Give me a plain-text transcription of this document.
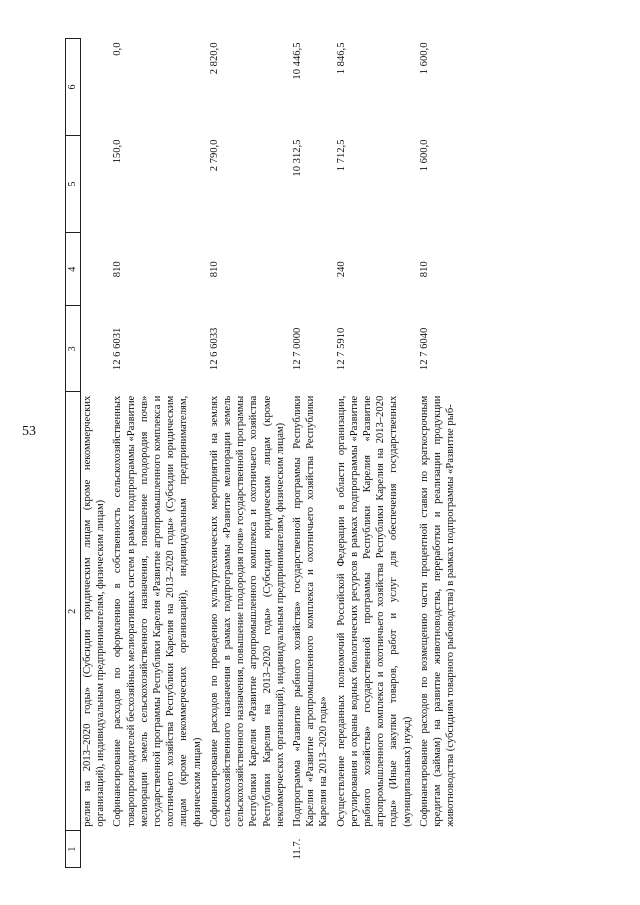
53
1	2	3	4	5	6
	релия на 2013–2020 годы» (Субсидии юридическим лицам (кроме некоммерческих организаций), индивидуальным предпринимателям, физическим лицам)				
	Софинансирование расходов по оформлению в собственность сельскохозяйственных товаропроизводителей бесхозяйных мелиоративных систем в рамках подпрограммы «Развитие мелиорации земель сельскохозяйственного назначения, повышение плодородия почв» государственной программы Республики Карелия «Развитие агропромышленного комплекса и охотничьего хозяйства Республики Карелия на 2013–2020 годы» (Субсидии юридическим лицам (кроме некоммерческих организаций), индивидуальным предпринимателям, физическим лицам)	12 6 6031	810	150,0	0,0
	Софинансирование расходов по проведению культуртехнических мероприятий на землях сельскохозяйственного назначения в рамках подпрограммы «Развитие мелиорации земель сельскохозяйственного назначения, повышение плодородия почв» государственной программы Республики Карелия «Развитие агропромышленного комплекса и охотничьего хозяйства Республики Карелия на 2013–2020 годы» (Субсидии юридическим лицам (кроме некоммерческих организаций), индивидуальным предпринимателям, физическим лицам)	12 6 6033	810	2 790,0	2 820,0
11.7.	Подпрограмма «Развитие рыбного хозяйства» государственной программы Республики Карелия «Развитие агропромышленного комплекса и охотничьего хозяйства Республики Карелия на 2013–2020 годы»	12 7 0000		10 312,5	10 446,5
	Осуществление переданных полномочий Российской Федерации в области организации, регулирования и охраны водных биологических ресурсов в рамках подпрограммы «Развитие рыбного хозяйства» государственной программы Республики Карелия «Развитие агропромышленного комплекса и охотничьего хозяйства Республики Карелия на 2013–2020 годы» (Иные закупки товаров, работ и услуг для обеспечения государственных (муниципальных) нужд)	12 7 5910	240	1 712,5	1 846,5
	Софинансирование расходов по возмещению части процентной ставки по краткосрочным кредитам (займам) на развитие животноводства, переработки и реализации продукции животноводства (субсидиям товарного рыбоводства) в рамках подпрограммы «Развитие рыб-	12 7 6040	810	1 600,0	1 600,0
